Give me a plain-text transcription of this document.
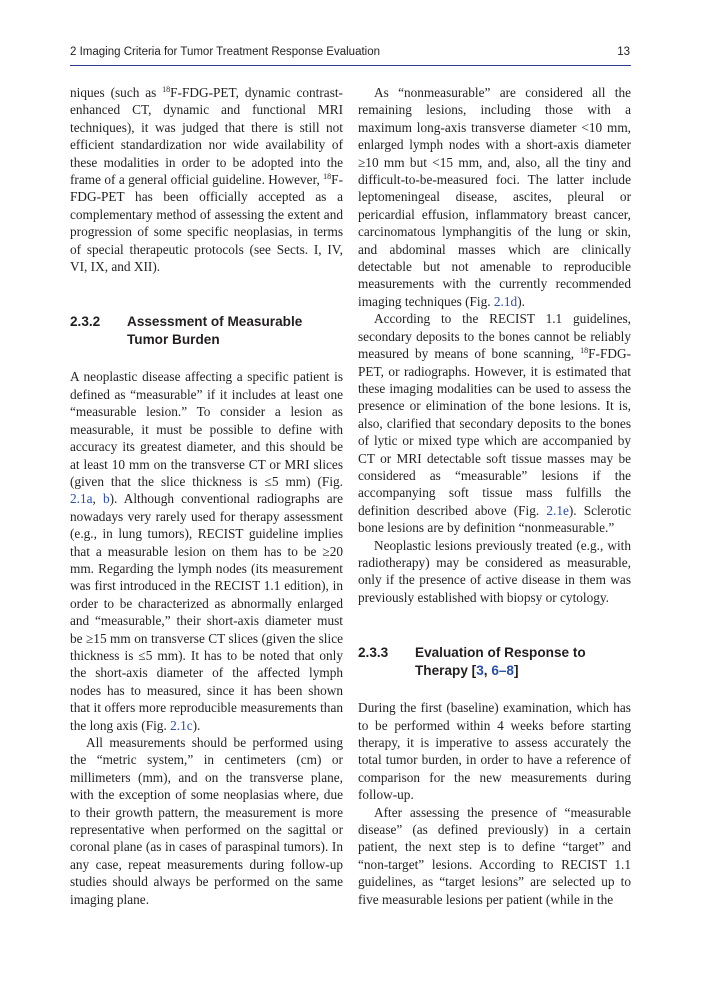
2 Imaging Criteria for Tumor Treatment Response Evaluation	13

niques (such as $^{18}$F-FDG-PET, dynamic contrast-enhanced CT, dynamic and functional MRI techniques), it was judged that there is still not efficient standardization nor wide availability of these modalities in order to be adopted into the frame of a general official guideline. However, $^{18}$F-FDG-PET has been officially accepted as a complementary method of assessing the extent and progression of some specific neoplasias, in terms of special therapeutic protocols (see Sects. I, IV, VI, IX, and XII).

2.3.2	Assessment of Measurable Tumor Burden

A neoplastic disease affecting a specific patient is defined as “measurable” if it includes at least one “measurable lesion.” To consider a lesion as measurable, it must be possible to define with accuracy its greatest diameter, and this should be at least 10 mm on the transverse CT or MRI slices (given that the slice thickness is ≤5 mm) (Fig. 2.1a, b). Although conventional radiographs are nowadays very rarely used for therapy assessment (e.g., in lung tumors), RECIST guideline implies that a measurable lesion on them has to be ≥20 mm. Regarding the lymph nodes (its measurement was first introduced in the RECIST 1.1 edition), in order to be characterized as abnormally enlarged and “measurable,” their short-axis diameter must be ≥15 mm on transverse CT slices (given the slice thickness is ≤5 mm). It has to be noted that only the short-axis diameter of the affected lymph nodes has to measured, since it has been shown that it offers more reproducible measurements than the long axis (Fig. 2.1c).

All measurements should be performed using the “metric system,” in centimeters (cm) or millimeters (mm), and on the transverse plane, with the exception of some neoplasias where, due to their growth pattern, the measurement is more representative when performed on the sagittal or coronal plane (as in cases of paraspinal tumors). In any case, repeat measurements during follow-up studies should always be performed on the same imaging plane.

As “nonmeasurable” are considered all the remaining lesions, including those with a maximum long-axis transverse diameter <10 mm, enlarged lymph nodes with a short-axis diameter ≥10 mm but <15 mm, and, also, all the tiny and difficult-to-be-measured foci. The latter include leptomeningeal disease, ascites, pleural or pericardial effusion, inflammatory breast cancer, carcinomatous lymphangitis of the lung or skin, and abdominal masses which are clinically detectable but not amenable to reproducible measurements with the currently recommended imaging techniques (Fig. 2.1d).

According to the RECIST 1.1 guidelines, secondary deposits to the bones cannot be reliably measured by means of bone scanning, $^{18}$F-FDG-PET, or radiographs. However, it is estimated that these imaging modalities can be used to assess the presence or elimination of the bone lesions. It is, also, clarified that secondary deposits to the bones of lytic or mixed type which are accompanied by CT or MRI detectable soft tissue masses may be considered as “measurable” lesions if the accompanying soft tissue mass fulfills the definition described above (Fig. 2.1e). Sclerotic bone lesions are by definition “nonmeasurable.”

Neoplastic lesions previously treated (e.g., with radiotherapy) may be considered as measurable, only if the presence of active disease in them was previously established with biopsy or cytology.

2.3.3	Evaluation of Response to Therapy [3, 6–8]

During the first (baseline) examination, which has to be performed within 4 weeks before starting therapy, it is imperative to assess accurately the total tumor burden, in order to have a reference of comparison for the new measurements during follow-up.

After assessing the presence of “measurable disease” (as defined previously) in a certain patient, the next step is to define “target” and “non-target” lesions. According to RECIST 1.1 guidelines, as “target lesions” are selected up to five measurable lesions per patient (while in the
